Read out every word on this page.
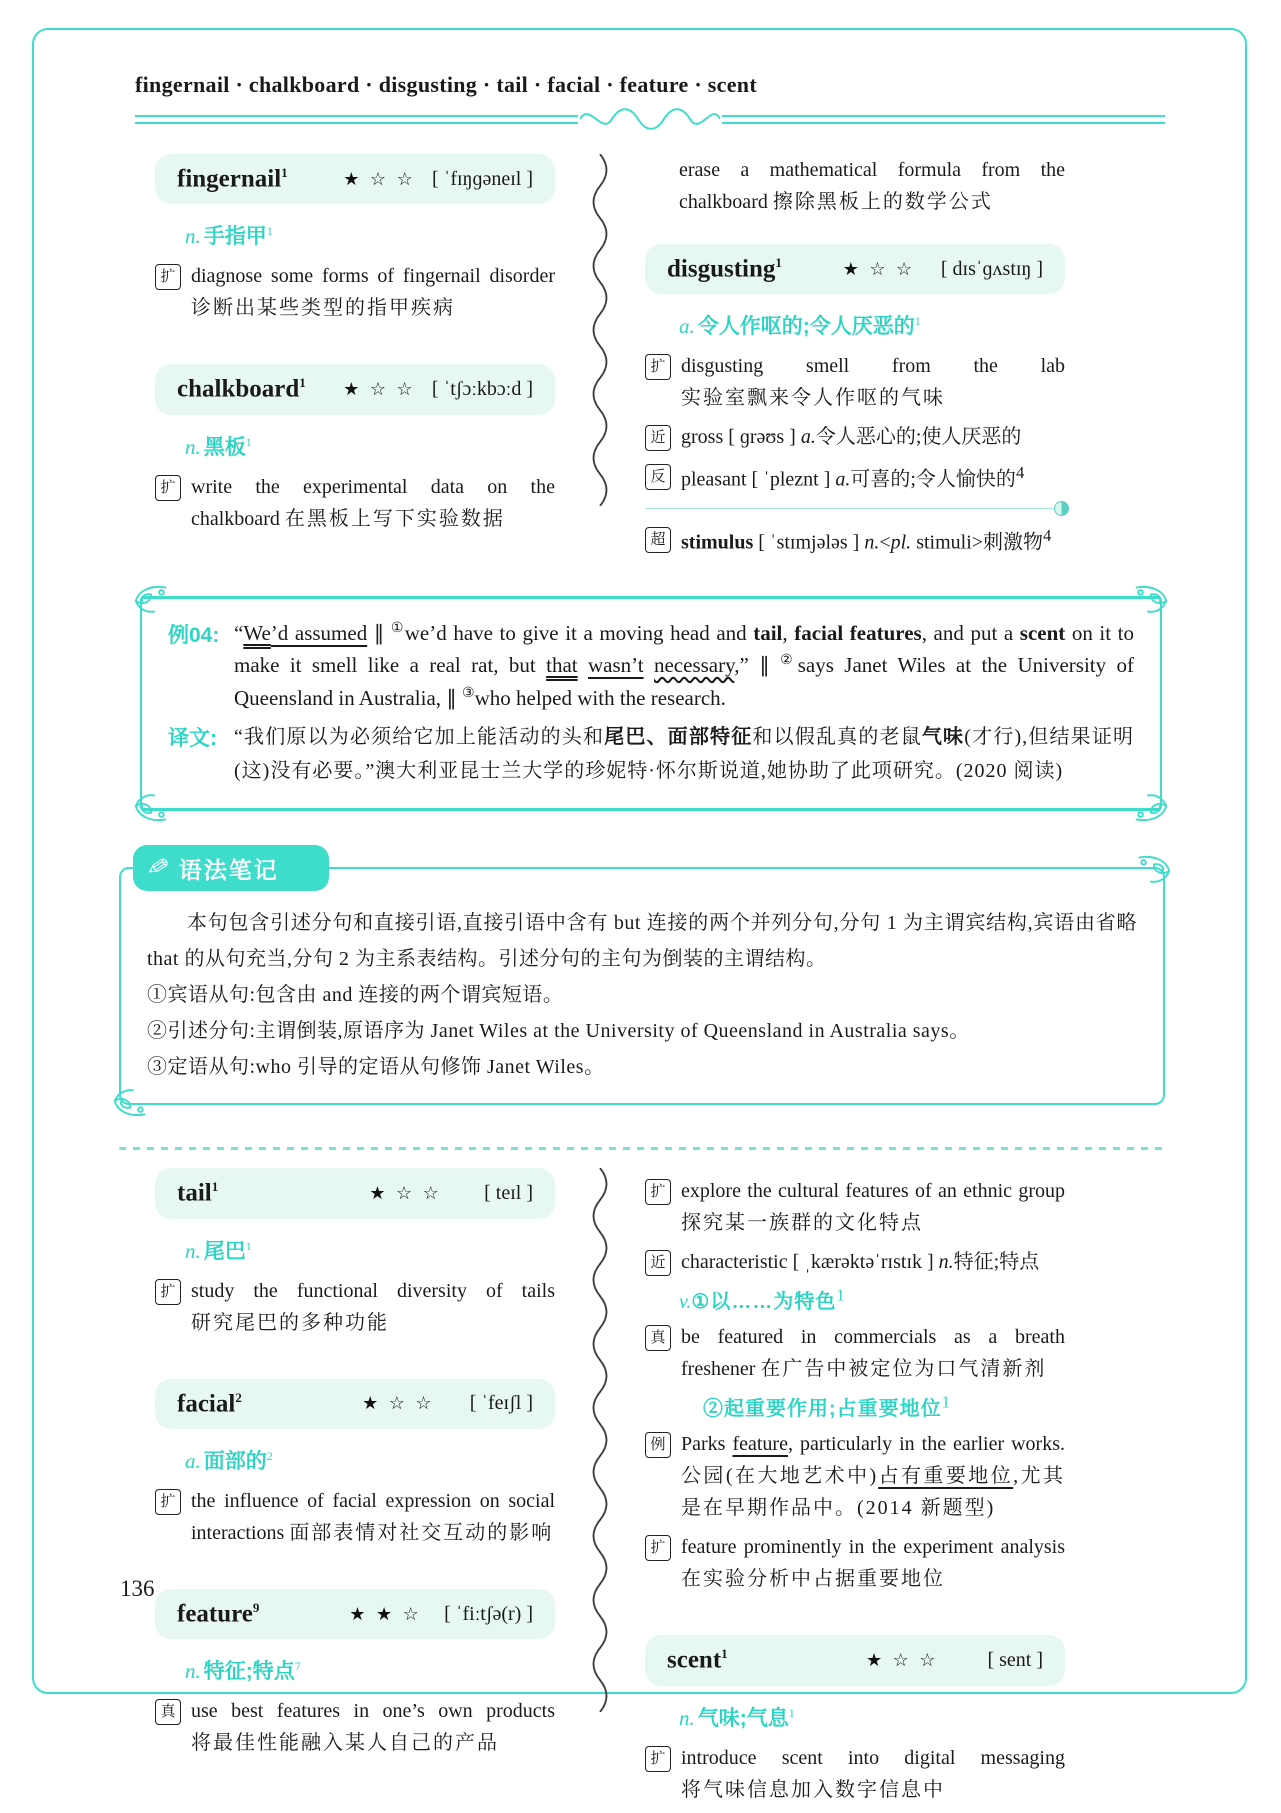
fingernail · chalkboard · disgusting · tail · facial · feature · scent
fingernail$^1$	★ ☆ ☆ [ ˈfɪŋɡəneɪl ]
n. 手指甲$^1$
扩 diagnose some forms of fingernail disorder 诊断出某些类型的指甲疾病
chalkboard$^1$	★ ☆ ☆ [ ˈtʃɔːkbɔːd ]
n. 黑板$^1$
扩 write the experimental data on the chalkboard 在黑板上写下实验数据
erase a mathematical formula from the chalkboard 擦除黑板上的数学公式
disgusting$^1$	★ ☆ ☆	[ dɪsˈɡʌstɪŋ ]
a. 令人作呕的;令人厌恶的$^1$
扩 disgusting smell from the lab 实验室飘来令人作呕的气味
近 gross [ ɡrəʊs ] a.令人恶心的;使人厌恶的
反 pleasant [ ˈpleznt ] a.可喜的;令人愉快的$^4$
超 stimulus [ ˈstɪmjələs ] n.<pl. stimuli>刺激物$^4$
例04: “We’d assumed ∥ ①we’d have to give it a moving head and tail, facial features, and put a scent on it to make it smell like a real rat, but that wasn’t necessary,” ∥ ②says Janet Wiles at the University of Queensland in Australia, ∥ ③who helped with the research.

译文: “我们原以为必须给它加上能活动的头和尾巴、面部特征和以假乱真的老鼠气味(才行),但结果证明(这)没有必要。”澳大利亚昆士兰大学的珍妮特·怀尔斯说道,她协助了此项研究。(2020 阅读)

✎ 语法笔记

本句包含引述分句和直接引语,直接引语中含有 but 连接的两个并列分句,分句 1 为主谓宾结构,宾语由省略 that 的从句充当,分句 2 为主系表结构。引述分句的主句为倒装的主谓结构。

①宾语从句:包含由 and 连接的两个谓宾短语。

②引述分句:主谓倒装,原语序为 Janet Wiles at the University of Queensland in Australia says。

③定语从句:who 引导的定语从句修饰 Janet Wiles。

tail$^1$	★ ☆ ☆	[ teɪl ]
n. 尾巴$^1$
扩 study the functional diversity of tails 研究尾巴的多种功能
facial$^2$	★ ☆ ☆	[ ˈfeɪʃl ]
a. 面部的$^2$
扩 the influence of facial expression on social interactions 面部表情对社交互动的影响
feature$^9$	★ ★ ☆	[ ˈfiːtʃə(r) ]
n. 特征;特点$^7$
真 use best features in one’s own products 将最佳性能融入某人自己的产品
扩 explore the cultural features of an ethnic group 探究某一族群的文化特点
近 characteristic [ ˌkærəktəˈrɪstɪk ] n.特征;特点
v.①以……为特色$^1$
真 be featured in commercials as a breath freshener 在广告中被定位为口气清新剂
②起重要作用;占重要地位$^1$
例 Parks feature, particularly in the earlier works. 公园(在大地艺术中)占有重要地位,尤其是在早期作品中。(2014 新题型)
扩 feature prominently in the experiment analysis 在实验分析中占据重要地位
scent$^1$	★ ☆ ☆	[ sent ]
n. 气味;气息$^1$
扩 introduce scent into digital messaging 将气味信息加入数字信息中
136
